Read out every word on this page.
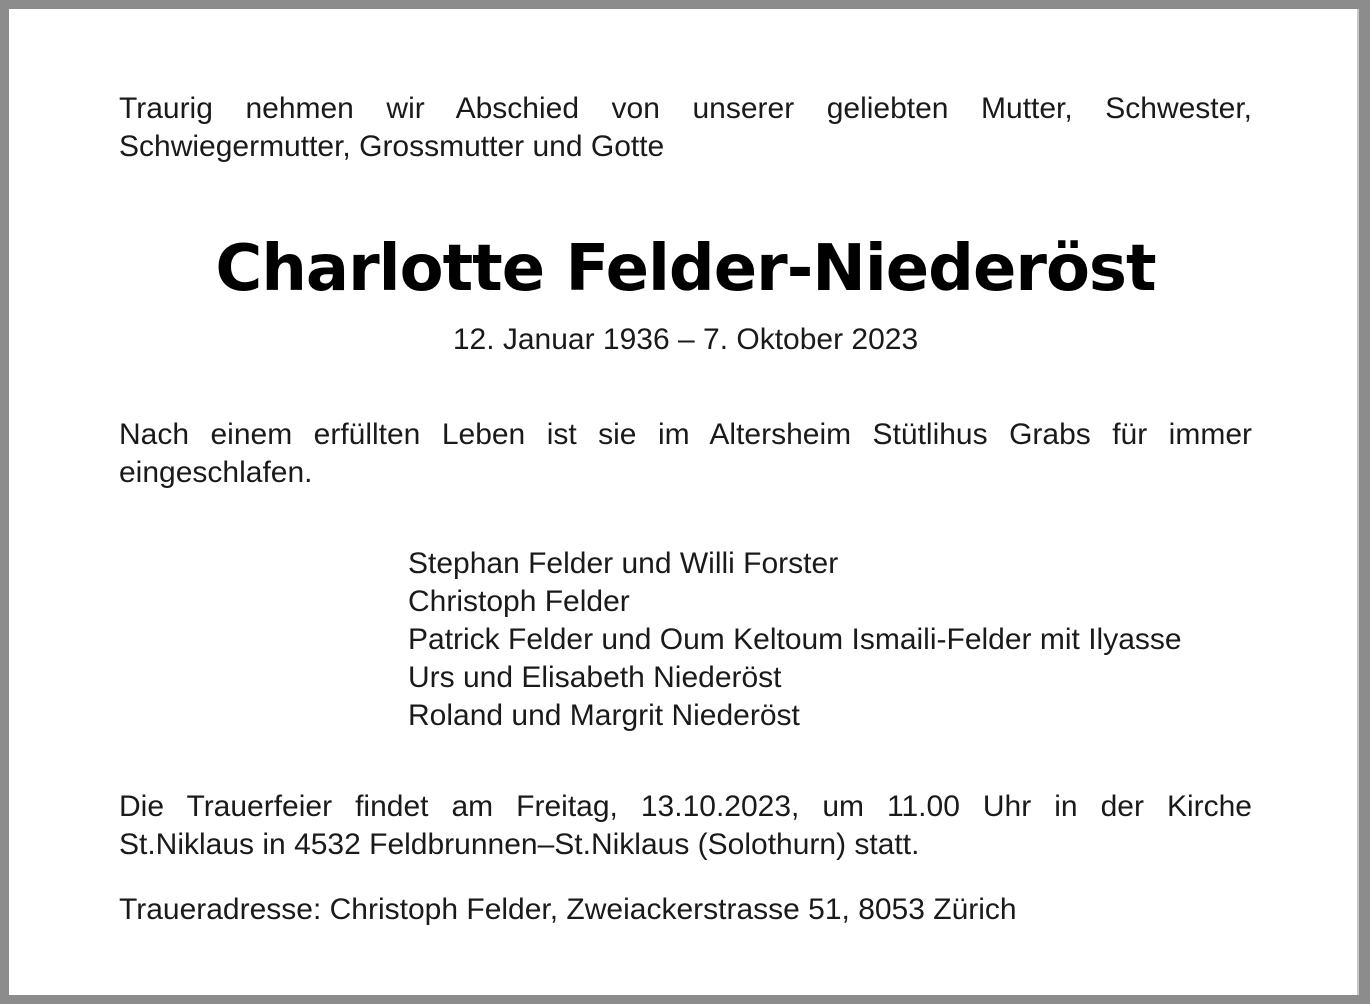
Traurig nehmen wir Abschied von unserer geliebten Mutter, Schwester,
Schwiegermutter, Grossmutter und Gotte
Charlotte Felder-Niederöst
12. Januar 1936 – 7. Oktober 2023
Nach einem erfüllten Leben ist sie im Altersheim Stütlihus Grabs für immer
eingeschlafen.
Stephan Felder und Willi Forster
Christoph Felder
Patrick Felder und Oum Keltoum Ismaili-Felder mit Ilyasse
Urs und Elisabeth Niederöst
Roland und Margrit Niederöst
Die Trauerfeier findet am Freitag, 13.10.2023, um 11.00 Uhr in der Kirche
St.Niklaus in 4532 Feldbrunnen–St.Niklaus (Solothurn) statt.
Traueradresse: Christoph Felder, Zweiackerstrasse 51, 8053 Zürich
